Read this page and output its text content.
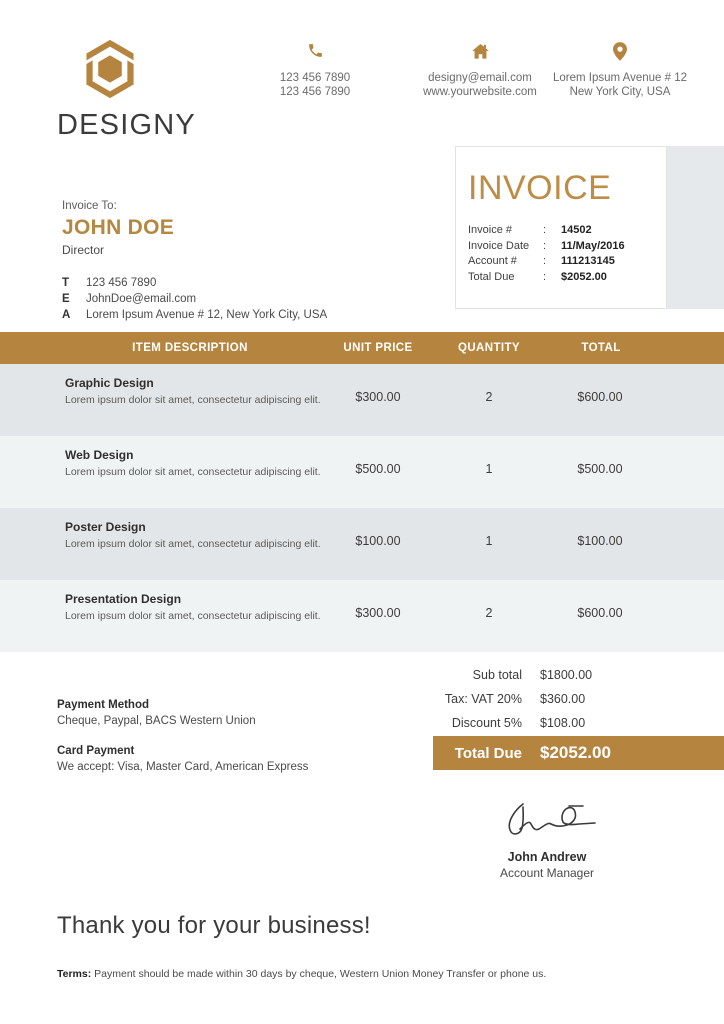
DESIGNY
123 456 7890
123 456 7890
designy@email.com
www.yourwebsite.com
Lorem Ipsum Avenue # 12
New York City, USA
Invoice To:
JOHN DOE
Director
T	123 456 7890
E	JohnDoe@email.com
A	Lorem Ipsum Avenue # 12, New York City, USA
INVOICE
Invoice #	:	14502
Invoice Date	:	11/May/2016
Account #	:	111213145
Total Due	:	$2052.00
ITEM DESCRIPTION	UNIT PRICE	QUANTITY	TOTAL
Graphic Design
Lorem ipsum dolor sit amet, consectetur adipiscing elit.	$300.00	2	$600.00
Web Design
Lorem ipsum dolor sit amet, consectetur adipiscing elit.	$500.00	1	$500.00
Poster Design
Lorem ipsum dolor sit amet, consectetur adipiscing elit.	$100.00	1	$100.00
Presentation Design
Lorem ipsum dolor sit amet, consectetur adipiscing elit.	$300.00	2	$600.00
Payment Method
Cheque, Paypal, BACS Western Union
Card Payment
We accept: Visa, Master Card, American Express
Sub total	$1800.00
Tax: VAT 20%	$360.00
Discount 5%	$108.00
Total Due	$2052.00
John Andrew
Account Manager
Thank you for your business!
Terms: Payment should be made within 30 days by cheque, Western Union Money Transfer or phone us.
